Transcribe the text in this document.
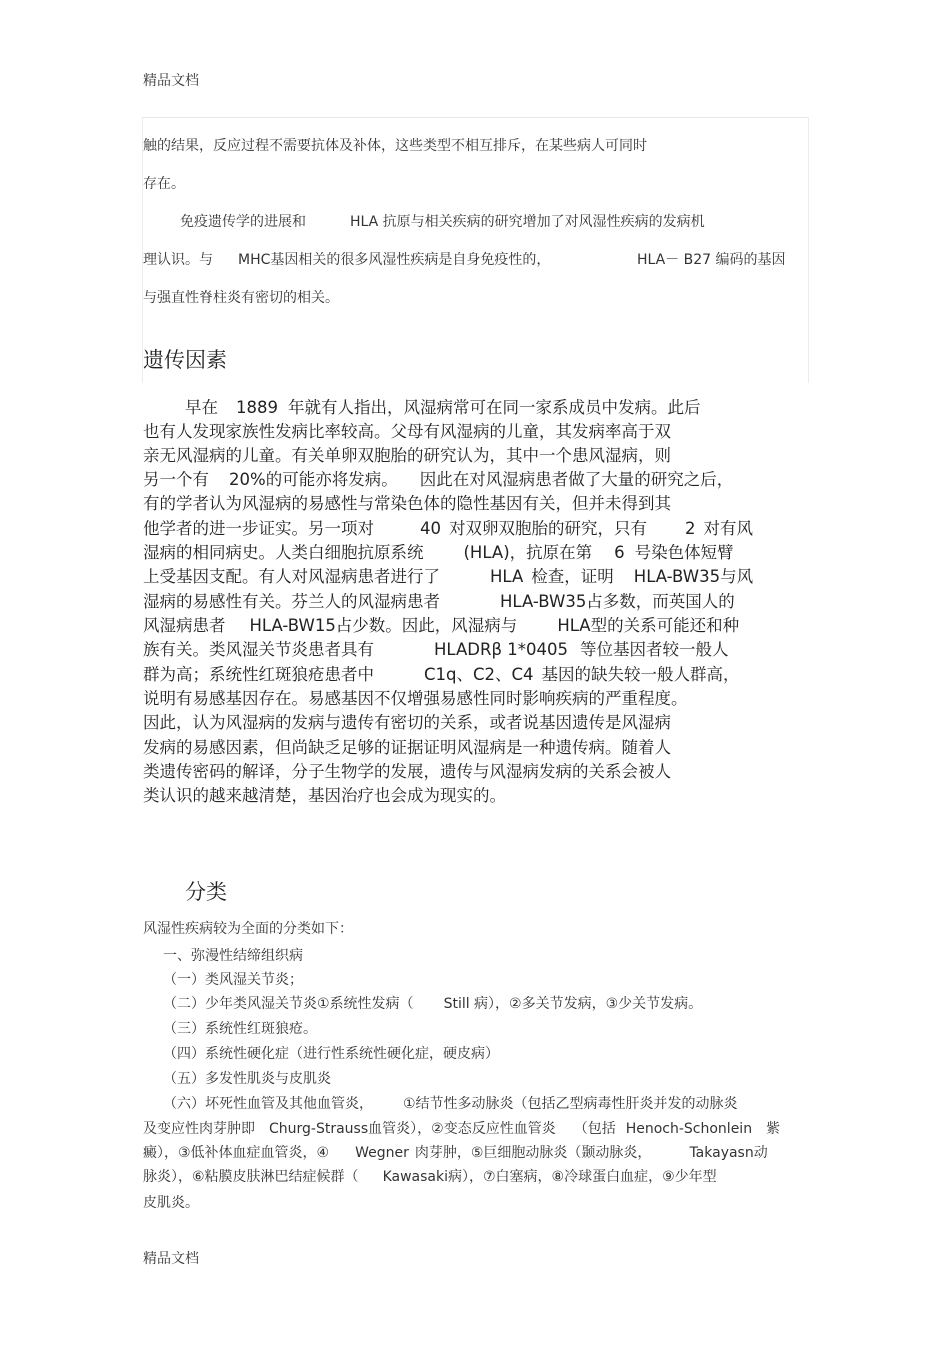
精品文档
触的结果，反应过程不需要抗体及补体，这些类型不相互排斥，在某些病人可同时
存在。
免疫遗传学的进展和	HLA 抗原与相关疾病的研究增加了对风湿性疾病的发病机
理认识。与 MHC基因相关的很多风湿性疾病是自身免疫性的，	HLA－ B27 编码的基因
与强直性脊柱炎有密切的相关。
遗传因素
早在 1889 年就有人指出，风湿病常可在同一家系成员中发病。此后
也有人发现家族性发病比率较高。父母有风湿病的儿童，其发病率高于双
亲无风湿病的儿童。有关单卵双胞胎的研究认为，其中一个患风湿病，则
另一个有 20%的可能亦将发病。 因此在对风湿病患者做了大量的研究之后，
有的学者认为风湿病的易感性与常染色体的隐性基因有关，但并未得到其
他学者的进一步证实。另一项对	40 对双卵双胞胎的研究，只有 2 对有风
湿病的相同病史。人类白细胞抗原系统 (HLA)，抗原在第 6 号染色体短臂
上受基因支配。有人对风湿病患者进行了	HLA 检查，证明 HLA-BW35与风
湿病的易感性有关。芬兰人的风湿病患者	HLA-BW35占多数，而英国人的
风湿病患者 HLA-BW15占少数。因此，风湿病与 HLA型的关系可能还和种
族有关。类风湿关节炎患者具有	HLADRβ 1*0405 等位基因者较一般人
群为高；系统性红斑狼疮患者中	C1q、C2、C4 基因的缺失较一般人群高，
说明有易感基因存在。易感基因不仅增强易感性同时影响疾病的严重程度。
因此，认为风湿病的发病与遗传有密切的关系，或者说基因遗传是风湿病
发病的易感因素，但尚缺乏足够的证据证明风湿病是一种遗传病。随着人
类遗传密码的解译，分子生物学的发展，遗传与风湿病发病的关系会被人
类认识的越来越清楚，基因治疗也会成为现实的。
分类
风湿性疾病较为全面的分类如下：
一、弥漫性结缔组织病
（一）类风湿关节炎；
（二）少年类风湿关节炎①系统性发病（ Still 病），②多关节发病，③少关节发病。
（三）系统性红斑狼疮。
（四）系统性硬化症（进行性系统性硬化症，硬皮病）
（五）多发性肌炎与皮肌炎
（六）坏死性血管及其他血管炎， ①结节性多动脉炎（包括乙型病毒性肝炎并发的动脉炎
及变应性肉芽肿即 Churg-Strauss血管炎），②变态反应性血管炎 （包括 Henoch-Schonlein 紫
癜），③低补体血症血管炎，④ Wegner 肉芽肿，⑤巨细胞动脉炎（颞动脉炎，	Takayasn动
脉炎），⑥粘膜皮肤淋巴结症候群（ Kawasaki病），⑦白塞病，⑧冷球蛋白血症，⑨少年型
皮肌炎。
精品文档
